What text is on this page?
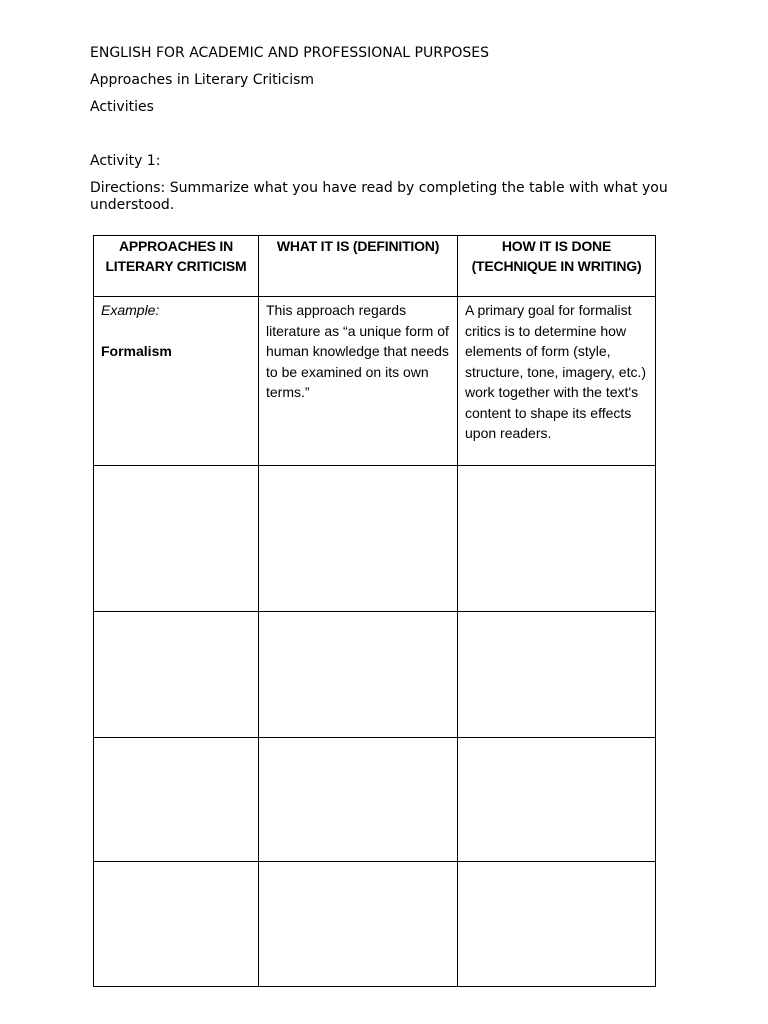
ENGLISH FOR ACADEMIC AND PROFESSIONAL PURPOSES
Approaches in Literary Criticism
Activities
Activity 1:
Directions: Summarize what you have read by completing the table with what you understood.
APPROACHES IN LITERARY CRITICISM	WHAT IT IS (DEFINITION)	HOW IT IS DONE (TECHNIQUE IN WRITING)

Example:
Formalism	This approach regards literature as “a unique form of human knowledge that needs to be examined on its own terms.”	A primary goal for formalist critics is to determine how elements of form (style, structure, tone, imagery, etc.) work together with the text's content to shape its effects upon readers.
